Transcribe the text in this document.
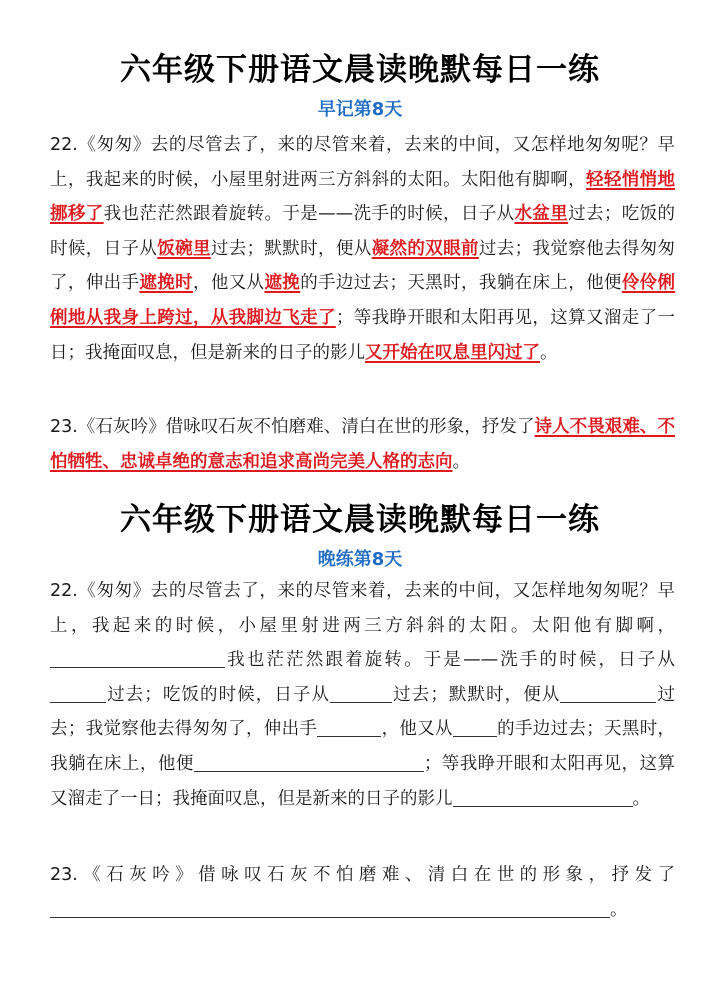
六年级下册语文晨读晚默每日一练
早记第8天

22.《匆匆》去的尽管去了，来的尽管来着，去来的中间，又怎样地匆匆呢？早上，我起来的时候，小屋里射进两三方斜斜的太阳。太阳他有脚啊，轻轻悄悄地挪移了我也茫茫然跟着旋转。于是——洗手的时候，日子从水盆里过去；吃饭的时候，日子从饭碗里过去；默默时，便从凝然的双眼前过去；我觉察他去得匆匆了，伸出手遮挽时，他又从遮挽的手边过去；天黑时，我躺在床上，他便伶伶俐俐地从我身上跨过，从我脚边飞走了；等我睁开眼和太阳再见，这算又溜走了一日；我掩面叹息，但是新来的日子的影儿又开始在叹息里闪过了。

23.《石灰吟》借咏叹石灰不怕磨难、清白在世的形象，抒发了诗人不畏艰难、不怕牺牲、忠诚卓绝的意志和追求高尚完美人格的志向。

六年级下册语文晨读晚默每日一练
晚练第8天

22.《匆匆》去的尽管去了，来的尽管来着，去来的中间，又怎样地匆匆呢？早上，我起来的时候，小屋里射进两三方斜斜的太阳。太阳他有脚啊，我也茫茫然跟着旋转。于是——洗手的时候，日子从过去；吃饭的时候，日子从	过去；默默时，便从	过去；我觉察他去得匆匆了，伸出手	，他又从	的手边过去；天黑时，我躺在床上，他便	；等我睁开眼和太阳再见，这算又溜走了一日；我掩面叹息，但是新来的日子的影儿	。

23.《石灰吟》借咏叹石灰不怕磨难、清白在世的形象，抒发了。
